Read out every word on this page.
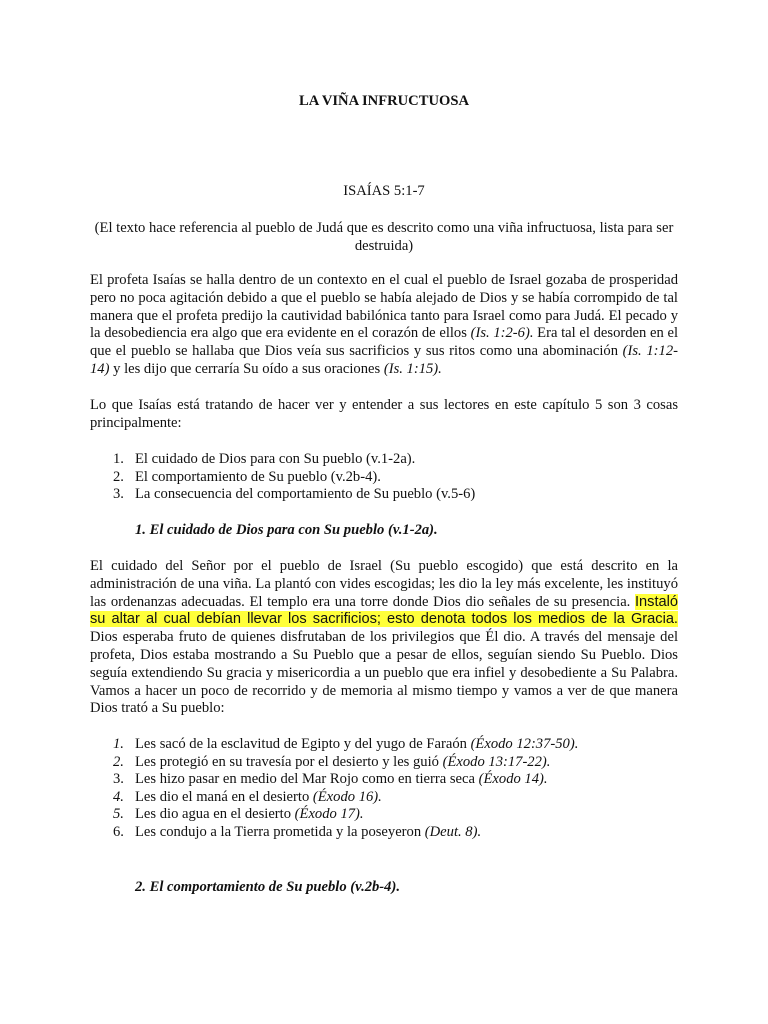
LA VIÑA INFRUCTUOSA
ISAÍAS 5:1-7
(El texto hace referencia al pueblo de Judá que es descrito como una viña infructuosa, lista para ser destruida)
El profeta Isaías se halla dentro de un contexto en el cual el pueblo de Israel gozaba de prosperidad pero no poca agitación debido a que el pueblo se había alejado de Dios y se había corrompido de tal manera que el profeta predijo la cautividad babilónica tanto para Israel como para Judá. El pecado y la desobediencia era algo que era evidente en el corazón de ellos (Is. 1:2-6). Era tal el desorden en el que el pueblo se hallaba que Dios veía sus sacrificios y sus ritos como una abominación (Is. 1:12-14) y les dijo que cerraría Su oído a sus oraciones (Is. 1:15).
Lo que Isaías está tratando de hacer ver y entender a sus lectores en este capítulo 5 son 3 cosas principalmente:
1. El cuidado de Dios para con Su pueblo (v.1-2a).
2. El comportamiento de Su pueblo (v.2b-4).
3. La consecuencia del comportamiento de Su pueblo (v.5-6)
1. El cuidado de Dios para con Su pueblo (v.1-2a).
El cuidado del Señor por el pueblo de Israel (Su pueblo escogido) que está descrito en la administración de una viña. La plantó con vides escogidas; les dio la ley más excelente, les instituyó las ordenanzas adecuadas. El templo era una torre donde Dios dio señales de su presencia. Instaló su altar al cual debían llevar los sacrificios; esto denota todos los medios de la Gracia. Dios esperaba fruto de quienes disfrutaban de los privilegios que Él dio. A través del mensaje del profeta, Dios estaba mostrando a Su Pueblo que a pesar de ellos, seguían siendo Su Pueblo. Dios seguía extendiendo Su gracia y misericordia a un pueblo que era infiel y desobediente a Su Palabra. Vamos a hacer un poco de recorrido y de memoria al mismo tiempo y vamos a ver de que manera Dios trató a Su pueblo:
1. Les sacó de la esclavitud de Egipto y del yugo de Faraón (Éxodo 12:37-50).
2. Les protegió en su travesía por el desierto y les guió (Éxodo 13:17-22).
3. Les hizo pasar en medio del Mar Rojo como en tierra seca (Éxodo 14).
4. Les dio el maná en el desierto (Éxodo 16).
5. Les dio agua en el desierto (Éxodo 17).
6. Les condujo a la Tierra prometida y la poseyeron (Deut. 8).
2. El comportamiento de Su pueblo (v.2b-4).
